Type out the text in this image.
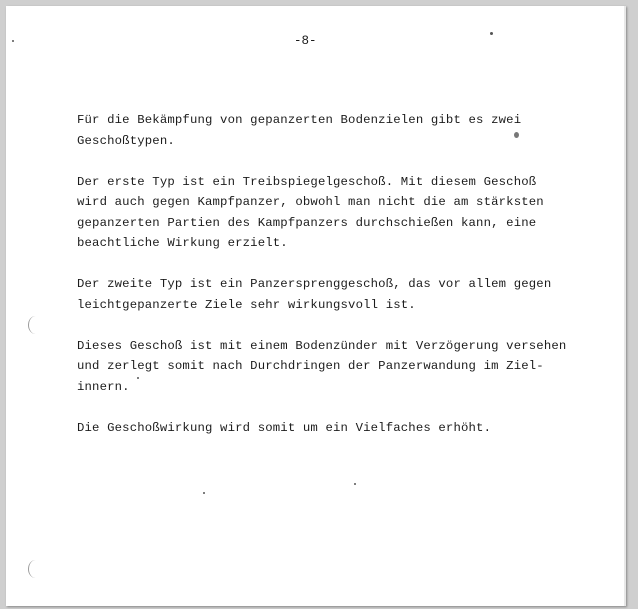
-8-
Für die Bekämpfung von gepanzerten Bodenzielen gibt es zwei
Geschoßtypen.
Der erste Typ ist ein Treibspiegelgeschoß. Mit diesem Geschoß
wird auch gegen Kampfpanzer, obwohl man nicht die am stärksten
gepanzerten Partien des Kampfpanzers durchschießen kann, eine
beachtliche Wirkung erzielt.
Der zweite Typ ist ein Panzersprenggeschoß, das vor allem gegen
leichtgepanzerte Ziele sehr wirkungsvoll ist.
Dieses Geschoß ist mit einem Bodenzünder mit Verzögerung versehen
und zerlegt somit nach Durchdringen der Panzerwandung im Ziel-
innern.
Die Geschoßwirkung wird somit um ein Vielfaches erhöht.
